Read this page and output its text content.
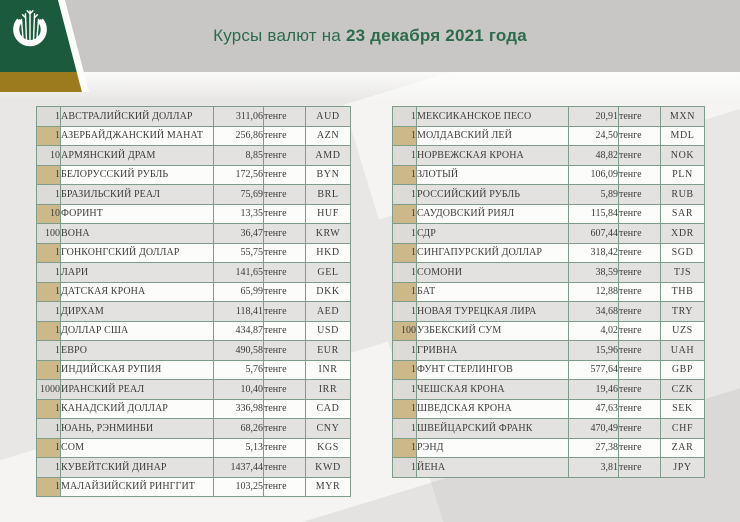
Курсы валют на 23 декабря 2021 года
1	АВСТРАЛИЙСКИЙ ДОЛЛАР	311,06	тенге	AUD
1	АЗЕРБАЙДЖАНСКИЙ МАНАТ	256,86	тенге	AZN
10	АРМЯНСКИЙ ДРАМ	8,85	тенге	AMD
1	БЕЛОРУССКИЙ РУБЛЬ	172,56	тенге	BYN
1	БРАЗИЛЬСКИЙ РЕАЛ	75,69	тенге	BRL
10	ФОРИНТ	13,35	тенге	HUF
100	ВОНА	36,47	тенге	KRW
1	ГОНКОНГСКИЙ ДОЛЛАР	55,75	тенге	HKD
1	ЛАРИ	141,65	тенге	GEL
1	ДАТСКАЯ КРОНА	65,99	тенге	DKK
1	ДИРХАМ	118,41	тенге	AED
1	ДОЛЛАР США	434,87	тенге	USD
1	ЕВРО	490,58	тенге	EUR
1	ИНДИЙСКАЯ РУПИЯ	5,76	тенге	INR
1000	ИРАНСКИЙ РЕАЛ	10,40	тенге	IRR
1	КАНАДСКИЙ ДОЛЛАР	336,98	тенге	CAD
1	ЮАНЬ, РЭНМИНБИ	68,26	тенге	CNY
1	СОМ	5,13	тенге	KGS
1	КУВЕЙТСКИЙ ДИНАР	1437,44	тенге	KWD
1	МАЛАЙЗИЙСКИЙ РИНГГИТ	103,25	тенге	MYR
1	МЕКСИКАНСКОЕ ПЕСО	20,91	тенге	MXN
1	МОЛДАВСКИЙ ЛЕЙ	24,50	тенге	MDL
1	НОРВЕЖСКАЯ КРОНА	48,82	тенге	NOK
1	ЗЛОТЫЙ	106,09	тенге	PLN
1	РОССИЙСКИЙ РУБЛЬ	5,89	тенге	RUB
1	САУДОВСКИЙ РИЯЛ	115,84	тенге	SAR
1	СДР	607,44	тенге	XDR
1	СИНГАПУРСКИЙ ДОЛЛАР	318,42	тенге	SGD
1	СОМОНИ	38,59	тенге	TJS
1	БАТ	12,88	тенге	THB
1	НОВАЯ ТУРЕЦКАЯ ЛИРА	34,68	тенге	TRY
100	УЗБЕКСКИЙ СУМ	4,02	тенге	UZS
1	ГРИВНА	15,96	тенге	UAH
1	ФУНТ СТЕРЛИНГОВ	577,64	тенге	GBP
1	ЧЕШСКАЯ КРОНА	19,46	тенге	CZK
1	ШВЕДСКАЯ КРОНА	47,63	тенге	SEK
1	ШВЕЙЦАРСКИЙ ФРАНК	470,49	тенге	CHF
1	РЭНД	27,38	тенге	ZAR
1	ЙЕНА	3,81	тенге	JPY
